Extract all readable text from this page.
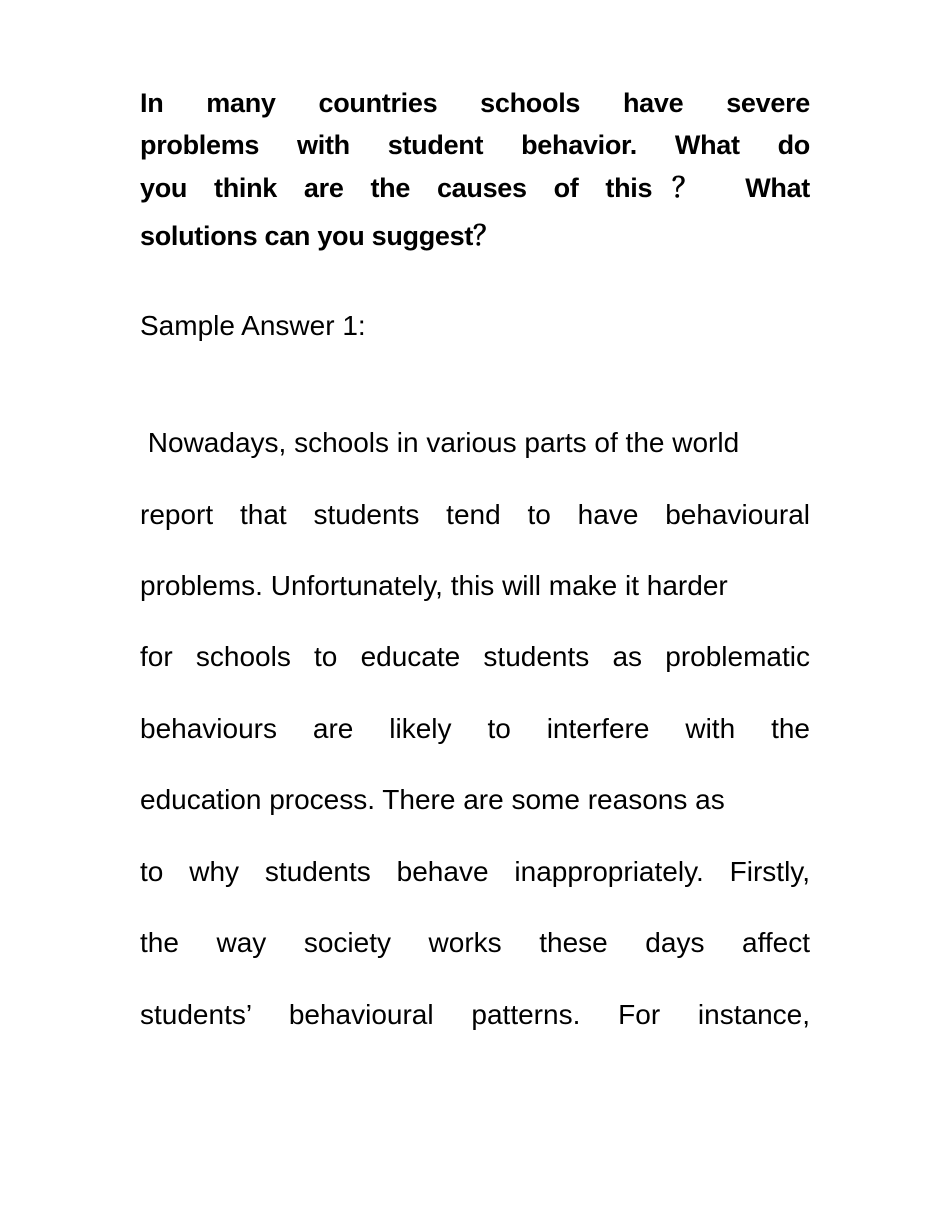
In many countries schools have severe
problems with student behavior. What do
you think are the causes of this？ What
solutions can you suggest？
Sample Answer 1:
Nowadays, schools in various parts of the world
report that students tend to have behavioural
problems. Unfortunately, this will make it harder
for schools to educate students as problematic
behaviours are likely to interfere with the
education process. There are some reasons as
to why students behave inappropriately. Firstly,
the way society works these days affect
students’ behavioural patterns. For instance,
